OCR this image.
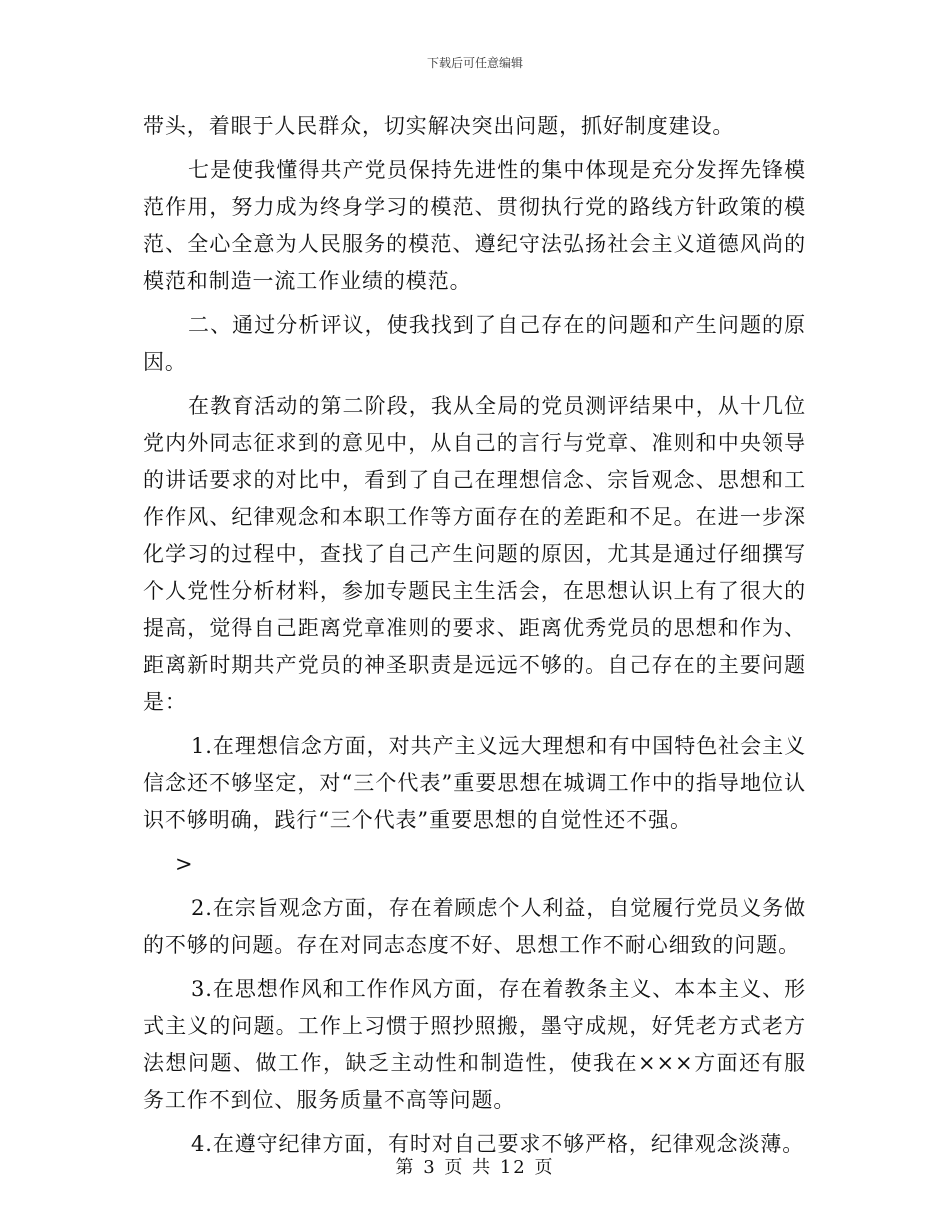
下载后可任意编辑

带头，着眼于人民群众，切实解决突出问题，抓好制度建设。

七是使我懂得共产党员保持先进性的集中体现是充分发挥先锋模范作用，努力成为终身学习的模范、贯彻执行党的路线方针政策的模范、全心全意为人民服务的模范、遵纪守法弘扬社会主义道德风尚的模范和制造一流工作业绩的模范。

二、通过分析评议，使我找到了自己存在的问题和产生问题的原因。

在教育活动的第二阶段，我从全局的党员测评结果中，从十几位党内外同志征求到的意见中，从自己的言行与党章、准则和中央领导的讲话要求的对比中，看到了自己在理想信念、宗旨观念、思想和工作作风、纪律观念和本职工作等方面存在的差距和不足。在进一步深化学习的过程中，查找了自己产生问题的原因，尤其是通过仔细撰写个人党性分析材料，参加专题民主生活会，在思想认识上有了很大的提高，觉得自己距离党章准则的要求、距离优秀党员的思想和作为、距离新时期共产党员的神圣职责是远远不够的。自己存在的主要问题是：

1.在理想信念方面，对共产主义远大理想和有中国特色社会主义信念还不够坚定，对“三个代表”重要思想在城调工作中的指导地位认识不够明确，践行“三个代表”重要思想的自觉性还不强。

>

2.在宗旨观念方面，存在着顾虑个人利益，自觉履行党员义务做的不够的问题。存在对同志态度不好、思想工作不耐心细致的问题。

3.在思想作风和工作作风方面，存在着教条主义、本本主义、形式主义的问题。工作上习惯于照抄照搬，墨守成规，好凭老方式老方法想问题、做工作，缺乏主动性和制造性，使我在×××方面还有服务工作不到位、服务质量不高等问题。

4.在遵守纪律方面，有时对自己要求不够严格，纪律观念淡薄。

第 3 页 共 12 页
